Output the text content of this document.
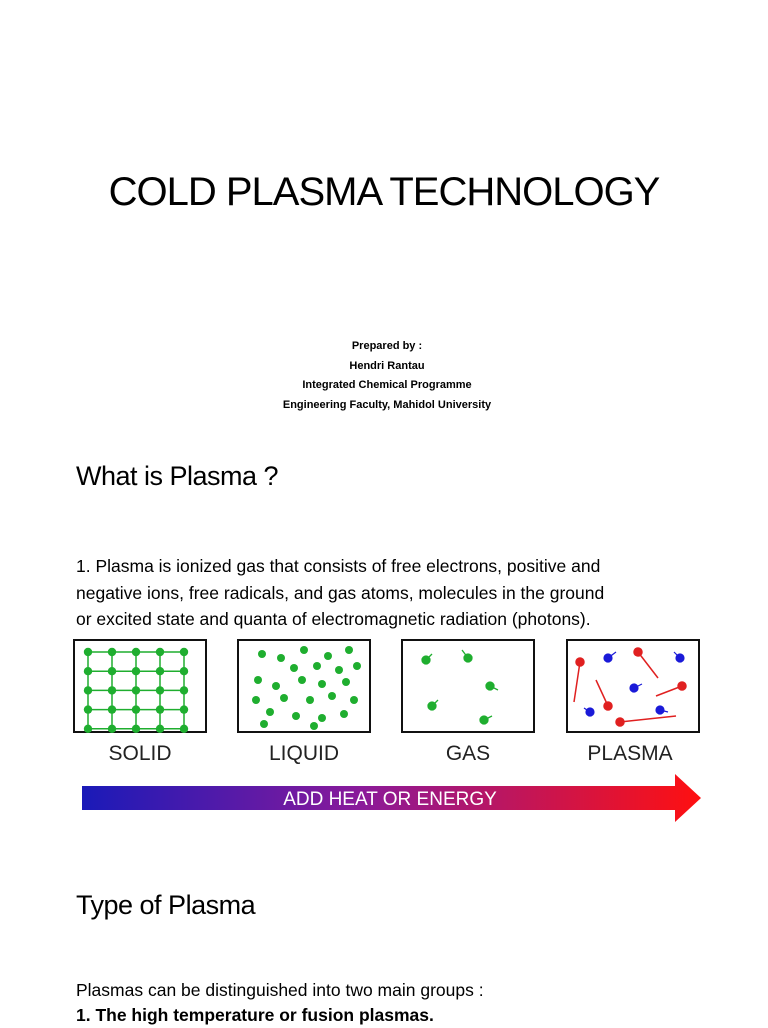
COLD PLASMA TECHNOLOGY
Prepared by :
Hendri Rantau
Integrated Chemical Programme
Engineering Faculty, Mahidol University
What is Plasma ?
1. Plasma is ionized gas that consists of free electrons, positive and
negative ions, free radicals, and gas atoms, molecules in the ground
or excited state and quanta of electromagnetic radiation (photons).
SOLID	LIQUID	GAS	PLASMA
ADD HEAT OR ENERGY
Type of Plasma
Plasmas can be distinguished into two main groups :
1. The high temperature or fusion plasmas.
